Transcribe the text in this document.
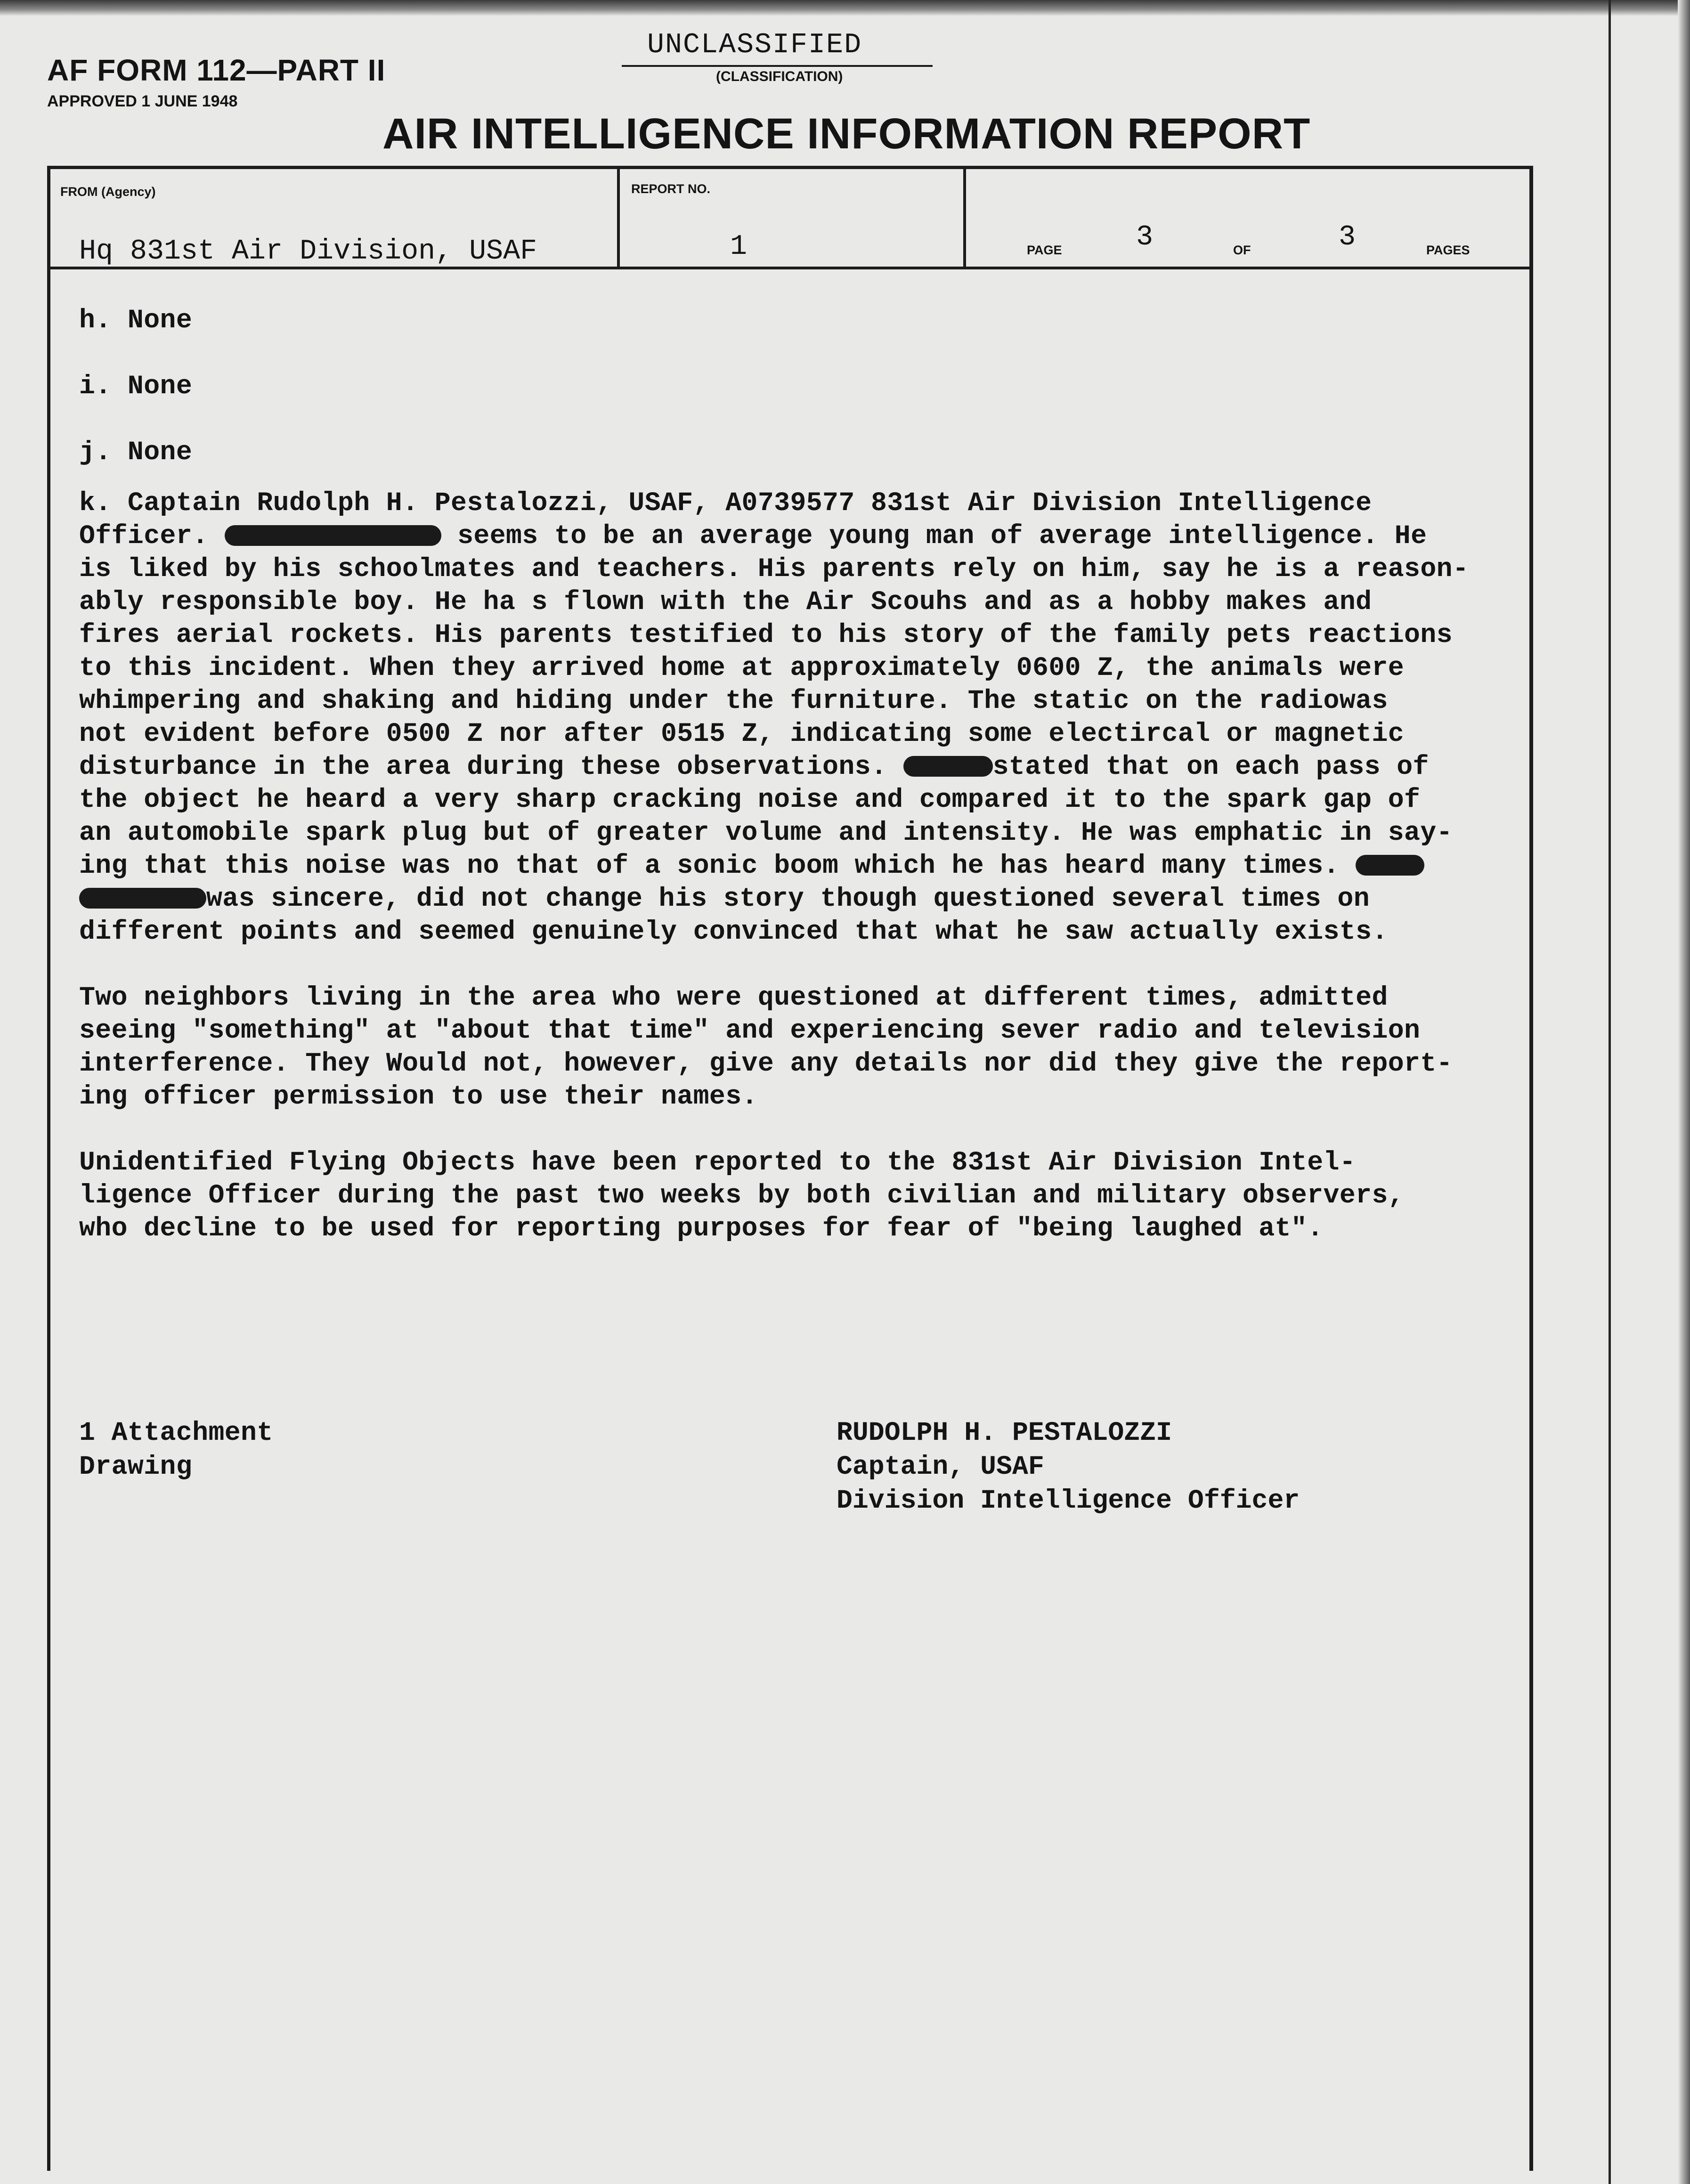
AF FORM 112—PART II
APPROVED 1 JUNE 1948
UNCLASSIFIED
(CLASSIFICATION)
AIR INTELLIGENCE INFORMATION REPORT
FROM (Agency)
Hq 831st Air Division, USAF
REPORT NO.
1	PAGE	3	OF	3	PAGES
h. None
i. None
j. None
k. Captain Rudolph H. Pestalozzi, USAF, A0739577 831st Air Division Intelligence
Officer.	seems to be an average young man of average intelligence. He
is liked by his schoolmates and teachers. His parents rely on him, say he is a reason-
ably responsible boy. He ha s flown with the Air Scouhs and as a hobby makes and
fires aerial rockets. His parents testified to his story of the family pets reactions
to this incident. When they arrived home at approximately 0600 Z, the animals were
whimpering and shaking and hiding under the furniture. The static on the radiowas
not evident before 0500 Z nor after 0515 Z, indicating some electircal or magnetic
disturbance in the area during these observations.	stated that on each pass of
the object he heard a very sharp cracking noise and compared it to the spark gap of
an automobile spark plug but of greater volume and intensity. He was emphatic in say-
ing that this noise was no that of a sonic boom which he has heard many times.
was sincere, did not change his story though questioned several times on
different points and seemed genuinely convinced that what he saw actually exists.
Two neighbors living in the area who were questioned at different times, admitted
seeing "something" at "about that time" and experiencing sever radio and television
interference. They Would not, however, give any details nor did they give the report-
ing officer permission to use their names.
Unidentified Flying Objects have been reported to the 831st Air Division Intel-
ligence Officer during the past two weeks by both civilian and military observers,
who decline to be used for reporting purposes for fear of "being laughed at".
1 Attachment
Drawing
RUDOLPH H. PESTALOZZI
Captain, USAF
Division Intelligence Officer
